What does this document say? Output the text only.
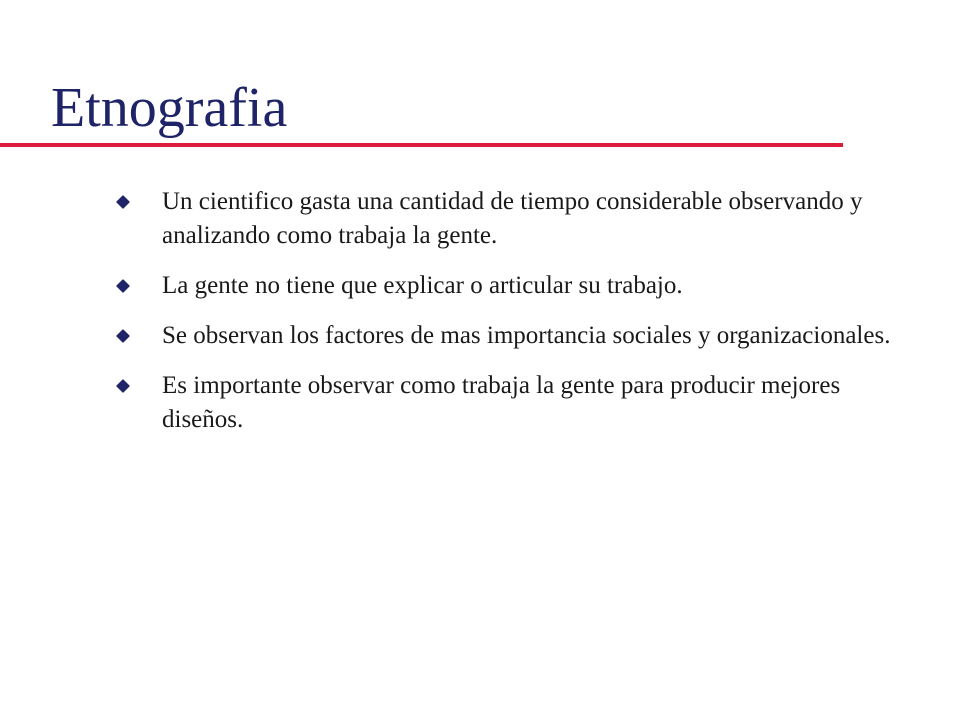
Etnografia
Un cientifico gasta una cantidad de tiempo considerable observando y analizando como trabaja la gente.
La gente no tiene que explicar o articular su trabajo.
Se observan los factores de mas importancia sociales y organizacionales.
Es importante observar como trabaja la gente para producir mejores diseños.
